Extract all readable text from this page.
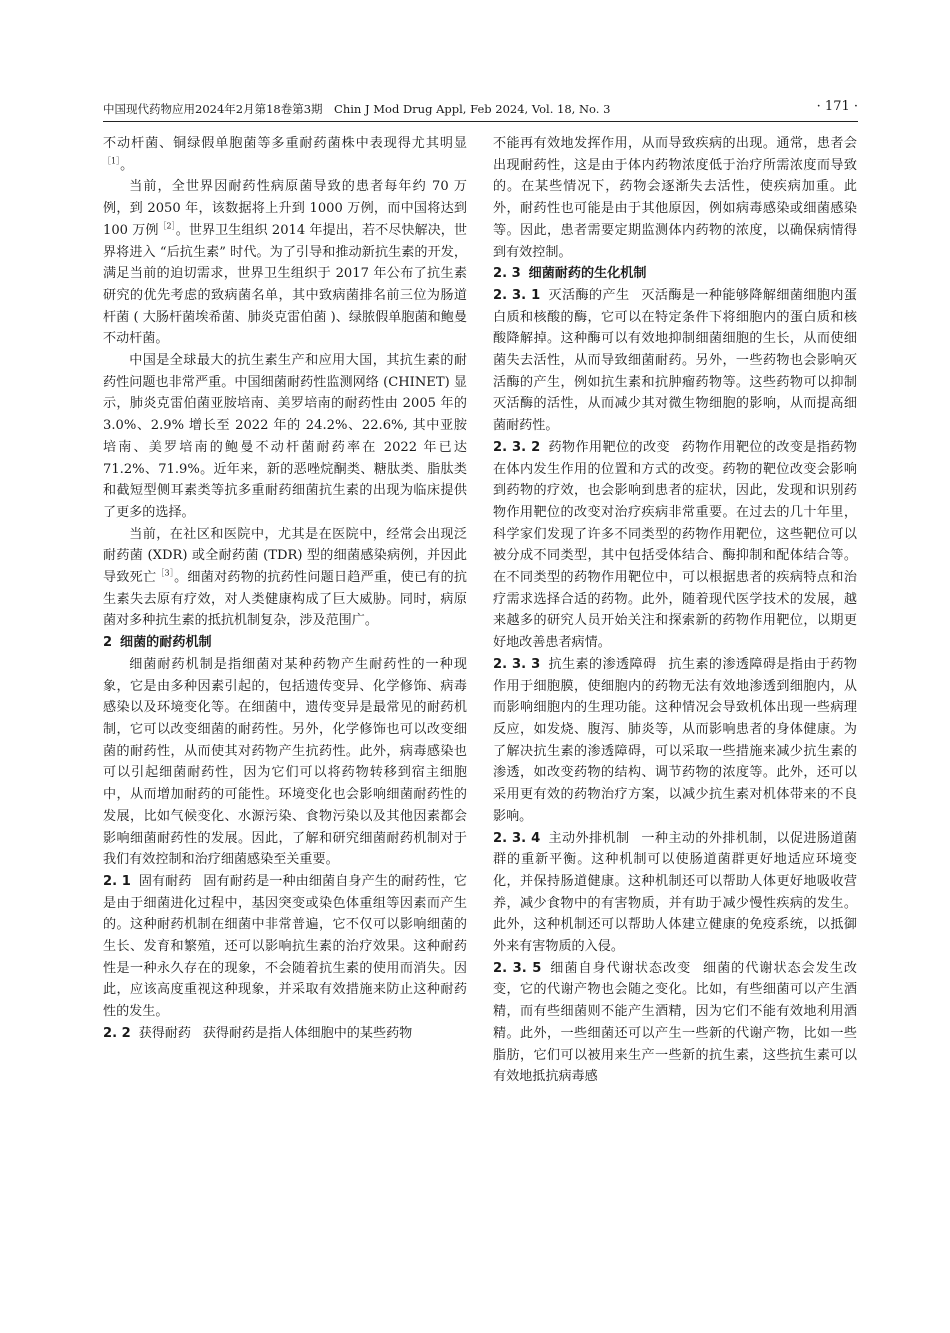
中国现代药物应用2024年2月第18卷第3期　Chin J Mod Drug Appl, Feb 2024, Vol. 18, No. 3	· 171 ·

不动杆菌、铜绿假单胞菌等多重耐药菌株中表现得尤其明显$^{[1]}$。

当前，全世界因耐药性病原菌导致的患者每年约 70 万例，到 2050 年，该数据将上升到 1000 万例，而中国将达到 100 万例$^{[2]}$。世界卫生组织 2014 年提出，若不尽快解决，世界将进入 “后抗生素” 时代。为了引导和推动新抗生素的开发，满足当前的迫切需求，世界卫生组织于 2017 年公布了抗生素研究的优先考虑的致病菌名单，其中致病菌排名前三位为肠道杆菌 ( 大肠杆菌埃希菌、肺炎克雷伯菌 )、绿脓假单胞菌和鲍曼不动杆菌。

中国是全球最大的抗生素生产和应用大国，其抗生素的耐药性问题也非常严重。中国细菌耐药性监测网络 (CHINET) 显示，肺炎克雷伯菌亚胺培南、美罗培南的耐药性由 2005 年的 3.0%、2.9% 增长至 2022 年的 24.2%、22.6%, 其中亚胺培南、美罗培南的鲍曼不动杆菌耐药率在 2022 年已达 71.2%、71.9%。近年来，新的恶唑烷酮类、糖肽类、脂肽类和截短型侧耳素类等抗多重耐药细菌抗生素的出现为临床提供了更多的选择。

当前，在社区和医院中，尤其是在医院中，经常会出现泛耐药菌 (XDR) 或全耐药菌 (TDR) 型的细菌感染病例，并因此导致死亡$^{[3]}$。细菌对药物的抗药性问题日趋严重，使已有的抗生素失去原有疗效，对人类健康构成了巨大威胁。同时，病原菌对多种抗生素的抵抗机制复杂，涉及范围广。

2 细菌的耐药机制

细菌耐药机制是指细菌对某种药物产生耐药性的一种现象，它是由多种因素引起的，包括遗传变异、化学修饰、病毒感染以及环境变化等。在细菌中，遗传变异是最常见的耐药机制，它可以改变细菌的耐药性。另外，化学修饰也可以改变细菌的耐药性，从而使其对药物产生抗药性。此外，病毒感染也可以引起细菌耐药性，因为它们可以将药物转移到宿主细胞中，从而增加耐药的可能性。环境变化也会影响细菌耐药性的发展，比如气候变化、水源污染、食物污染以及其他因素都会影响细菌耐药性的发展。因此，了解和研究细菌耐药机制对于我们有效控制和治疗细菌感染至关重要。

2. 1 固有耐药 固有耐药是一种由细菌自身产生的耐药性，它是由于细菌进化过程中，基因突变或染色体重组等因素而产生的。这种耐药机制在细菌中非常普遍，它不仅可以影响细菌的生长、发育和繁殖，还可以影响抗生素的治疗效果。这种耐药性是一种永久存在的现象，不会随着抗生素的使用而消失。因此，应该高度重视这种现象，并采取有效措施来防止这种耐药性的发生。

2. 2 获得耐药 获得耐药是指人体细胞中的某些药物

不能再有效地发挥作用，从而导致疾病的出现。通常，患者会出现耐药性，这是由于体内药物浓度低于治疗所需浓度而导致的。在某些情况下，药物会逐渐失去活性，使疾病加重。此外，耐药性也可能是由于其他原因，例如病毒感染或细菌感染等。因此，患者需要定期监测体内药物的浓度，以确保病情得到有效控制。

2. 3 细菌耐药的生化机制

2. 3. 1 灭活酶的产生 灭活酶是一种能够降解细菌细胞内蛋白质和核酸的酶，它可以在特定条件下将细胞内的蛋白质和核酸降解掉。这种酶可以有效地抑制细菌细胞的生长，从而使细菌失去活性，从而导致细菌耐药。另外，一些药物也会影响灭活酶的产生，例如抗生素和抗肿瘤药物等。这些药物可以抑制灭活酶的活性，从而减少其对微生物细胞的影响，从而提高细菌耐药性。

2. 3. 2 药物作用靶位的改变 药物作用靶位的改变是指药物在体内发生作用的位置和方式的改变。药物的靶位改变会影响到药物的疗效，也会影响到患者的症状，因此，发现和识别药物作用靶位的改变对治疗疾病非常重要。在过去的几十年里，科学家们发现了许多不同类型的药物作用靶位，这些靶位可以被分成不同类型，其中包括受体结合、酶抑制和配体结合等。在不同类型的药物作用靶位中，可以根据患者的疾病特点和治疗需求选择合适的药物。此外，随着现代医学技术的发展，越来越多的研究人员开始关注和探索新的药物作用靶位，以期更好地改善患者病情。

2. 3. 3 抗生素的渗透障碍 抗生素的渗透障碍是指由于药物作用于细胞膜，使细胞内的药物无法有效地渗透到细胞内，从而影响细胞内的生理功能。这种情况会导致机体出现一些病理反应，如发烧、腹泻、肺炎等，从而影响患者的身体健康。为了解决抗生素的渗透障碍，可以采取一些措施来减少抗生素的渗透，如改变药物的结构、调节药物的浓度等。此外，还可以采用更有效的药物治疗方案，以减少抗生素对机体带来的不良影响。

2. 3. 4 主动外排机制 一种主动的外排机制，以促进肠道菌群的重新平衡。这种机制可以使肠道菌群更好地适应环境变化，并保持肠道健康。这种机制还可以帮助人体更好地吸收营养，减少食物中的有害物质，并有助于减少慢性疾病的发生。此外，这种机制还可以帮助人体建立健康的免疫系统，以抵御外来有害物质的入侵。

2. 3. 5 细菌自身代谢状态改变 细菌的代谢状态会发生改变，它的代谢产物也会随之变化。比如，有些细菌可以产生酒精，而有些细菌则不能产生酒精，因为它们不能有效地利用酒精。此外，一些细菌还可以产生一些新的代谢产物，比如一些脂肪，它们可以被用来生产一些新的抗生素，这些抗生素可以有效地抵抗病毒感
